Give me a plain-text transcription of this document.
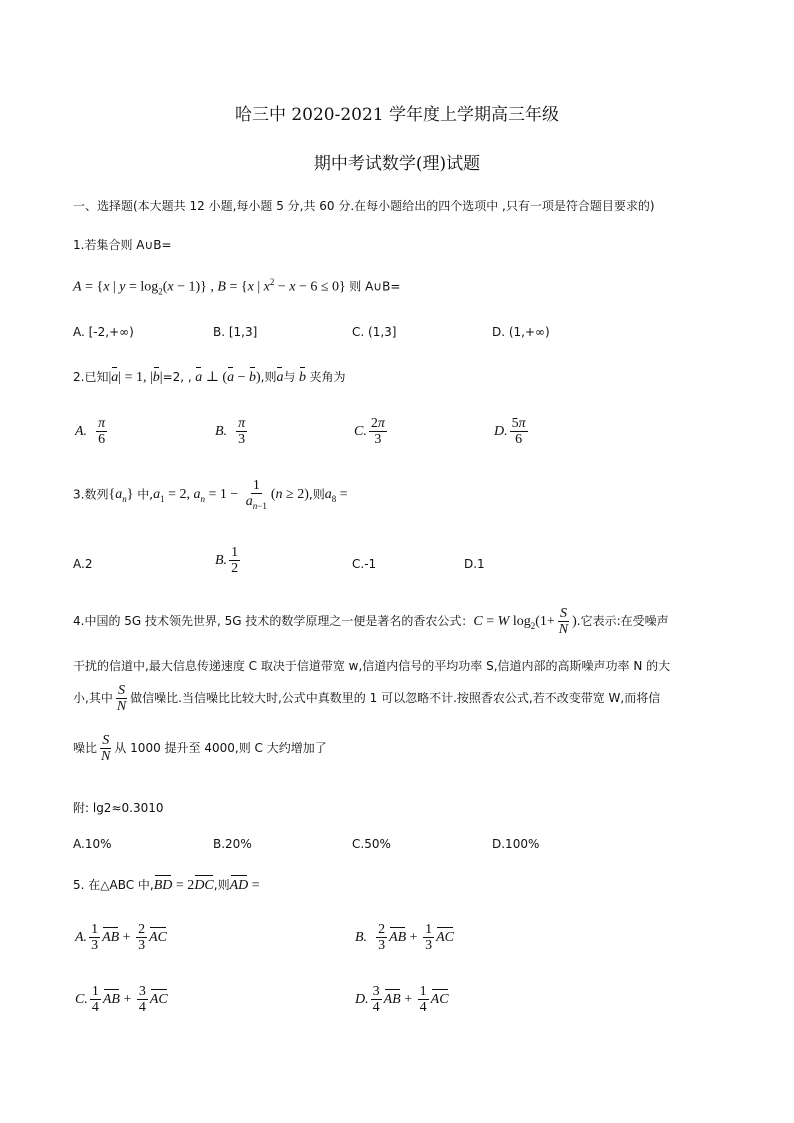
哈三中 2020-2021 学年度上学期高三年级
期中考试数学(理)试题
一、选择题(本大题共 12 小题,每小题 5 分,共 60 分.在每小题给出的四个选项中 ,只有一项是符合题目要求的)
1.若集合则 A∪B=
A = {x | $y = \log_2(x - 1)$} , B = {x | $x^2 - x - 6 \le 0$} 则 A∪B=
A. [-2,+∞)	B. [1,3]	C. (1,3]	D. (1,+∞)
2.已知|a| = 1, |b|=2, , a ⊥ (a − b),则a与 b 夹角为
A. $\frac{\pi}{6}$	B. $\frac{\pi}{3}$	C. $\frac{2\pi}{3}$	D. $\frac{5\pi}{6}$
3.数列$\{a_n\}$ 中$,a_1 = 2$, $a_n = 1 - \frac{1}{a_{n-1}} (n \ge 2)$,则$a_8$ =
A.2	B. $\frac{1}{2}$	C.-1	D.1
4.中国的 5G 技术领先世界, 5G 技术的数学原理之一便是著名的香农公式：C = W $\log_2(1+ \frac{S}{N}$ ).它表示:在受噪声
干扰的信道中,最大信息传递速度 C 取决于信道带宽 w,信道内信号的平均功率 S,信道内部的高斯噪声功率 N 的大
小,其中 $\frac{S}{N}$ 做信噪比.当信噪比比较大时,公式中真数里的 1 可以忽略不计.按照香农公式,若不改变带宽 W,而将信
噪比 $\frac{S}{N}$ 从 1000 提升至 4000,则 C 大约增加了
附: lg2≈0.3010
A.10%	B.20%	C.50%	D.100%
5. 在△ABC 中,BD = 2DC,则AD =
A. $\frac{1}{3}$ AB + $\frac{2}{3}$ AC	B. $\frac{2}{3}$ AB + $\frac{1}{3}$ AC
C. $\frac{1}{4}$ AB + $\frac{3}{4}$ AC	D. $\frac{3}{4}$ AB + $\frac{1}{4}$ AC
